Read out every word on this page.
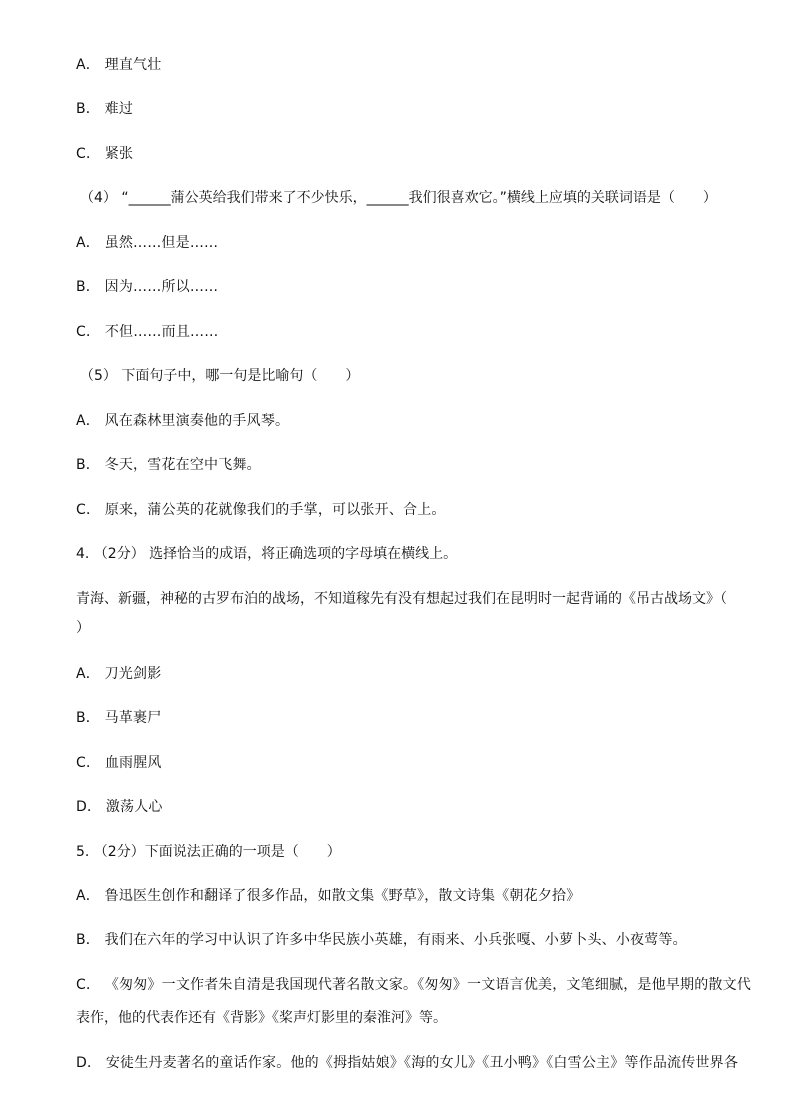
A． 理直气壮

B． 难过

C． 紧张

（4） “______蒲公英给我们带来了不少快乐，______我们很喜欢它。”横线上应填的关联词语是（　　）

A． 虽然……但是……

B． 因为……所以……

C． 不但……而且……

（5） 下面句子中，哪一句是比喻句（　　）

A． 风在森林里演奏他的手风琴。

B． 冬天，雪花在空中飞舞。

C． 原来，蒲公英的花就像我们的手掌，可以张开、合上。

4. （2分） 选择恰当的成语，将正确选项的字母填在横线上。

青海、新疆，神秘的古罗布泊的战场，不知道稼先有没有想起过我们在昆明时一起背诵的《吊古战场文》（

）

A． 刀光剑影

B． 马革裹尸

C． 血雨腥风

D． 激荡人心

5. （2分）下面说法正确的一项是（　　）

A． 鲁迅医生创作和翻译了很多作品，如散文集《野草》，散文诗集《朝花夕拾》

B． 我们在六年的学习中认识了许多中华民族小英雄，有雨来、小兵张嘎、小萝卜头、小夜莺等。

C． 《匆匆》一文作者朱自清是我国现代著名散文家。《匆匆》一文语言优美，文笔细腻，是他早期的散文代

表作，他的代表作还有《背影》《桨声灯影里的秦淮河》等。

D． 安徒生丹麦著名的童话作家。他的《拇指姑娘》《海的女儿》《丑小鸭》《白雪公主》等作品流传世界各
